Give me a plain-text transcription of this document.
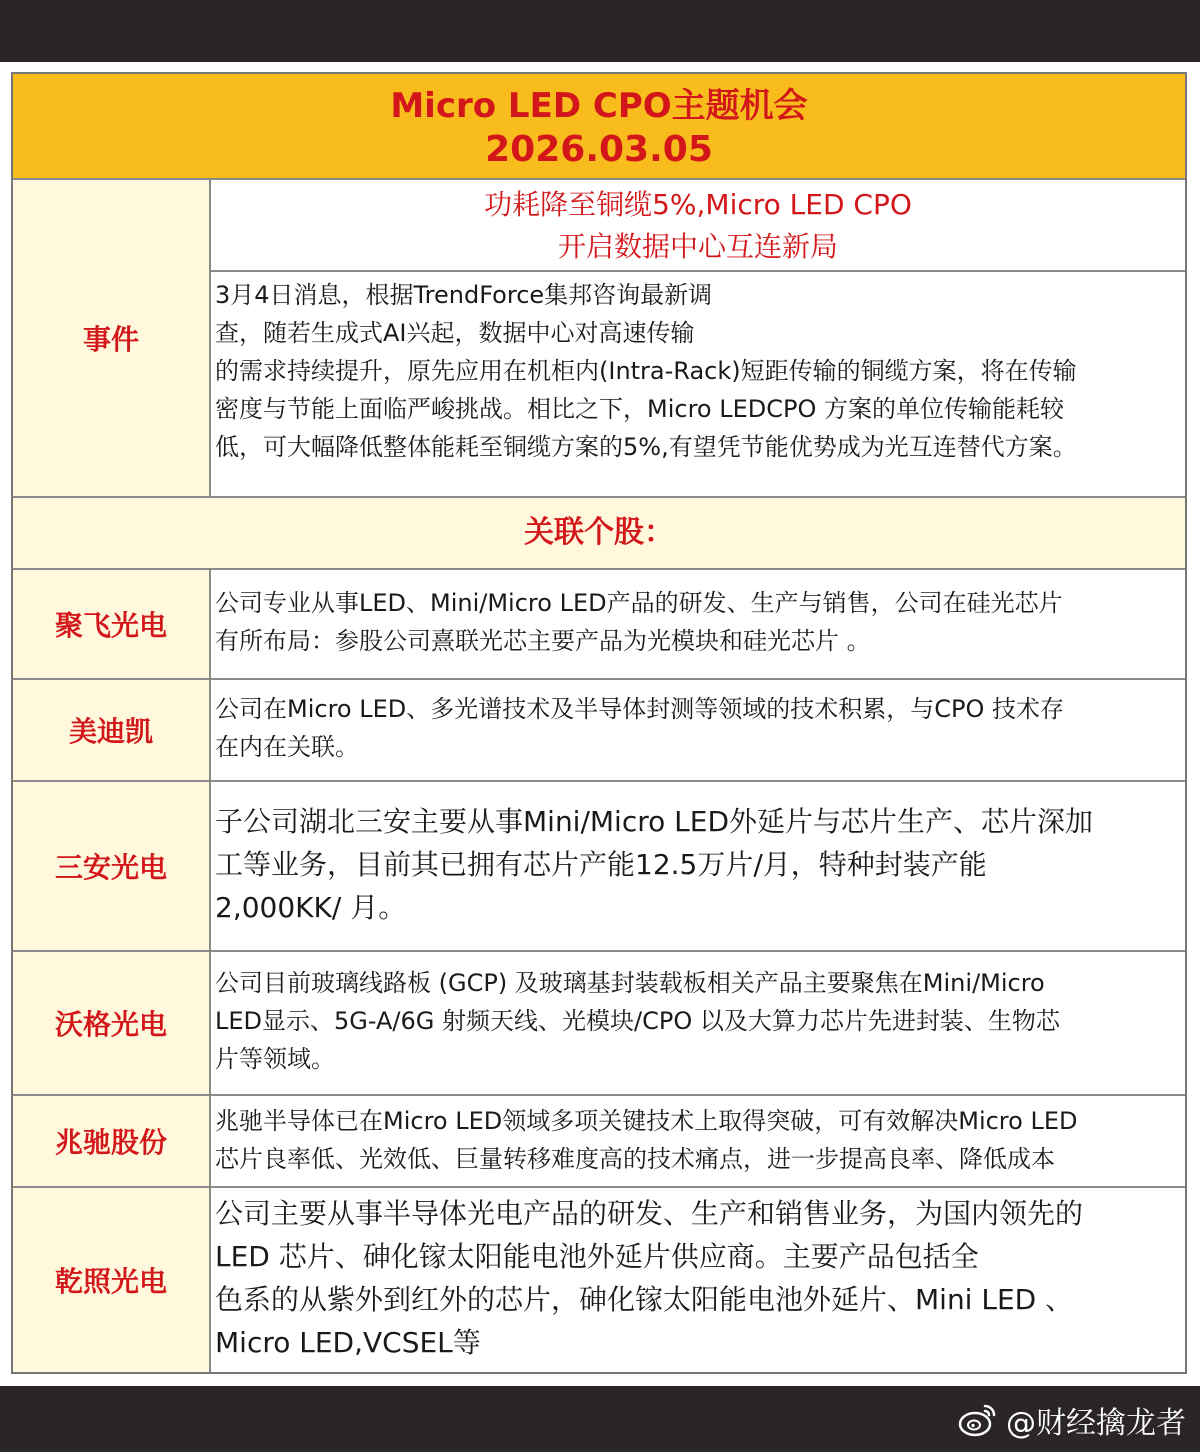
Micro LED CPO主题机会
2026.03.05
事件
功耗降至铜缆5%,Micro LED CPO
开启数据中心互连新局

3月4日消息，根据TrendForce集邦咨询最新调

查，随若生成式AI兴起，数据中心对高速传输

的需求持续提升，原先应用在机柜内(Intra-Rack)短距传输的铜缆方案，将在传输

密度与节能上面临严峻挑战。相比之下，Micro LEDCPO 方案的单位传输能耗较

低，可大幅降低整体能耗至铜缆方案的5%,有望凭节能优势成为光互连替代方案。

关联个股：
聚飞光电

公司专业从事LED、Mini/Micro LED产品的研发、生产与销售，公司在硅光芯片

有所布局：参股公司熹联光芯主要产品为光模块和硅光芯片 。

美迪凯

公司在Micro LED、多光谱技术及半导体封测等领域的技术积累，与CPO 技术存

在内在关联。

三安光电

子公司湖北三安主要从事Mini/Micro LED外延片与芯片生产、芯片深加

工等业务，目前其已拥有芯片产能12.5万片/月，特种封装产能

2,000KK/ 月。

沃格光电

公司目前玻璃线路板 (GCP) 及玻璃基封装载板相关产品主要聚焦在Mini/Micro

LED显示、5G-A/6G 射频天线、光模块/CPO 以及大算力芯片先进封装、生物芯

片等领域。

兆驰股份

兆驰半导体已在Micro LED领域多项关键技术上取得突破，可有效解决Micro LED

芯片良率低、光效低、巨量转移难度高的技术痛点，进一步提高良率、降低成本

乾照光电

公司主要从事半导体光电产品的研发、生产和销售业务，为国内领先的

LED 芯片、砷化镓太阳能电池外延片供应商。主要产品包括全

色系的从紫外到红外的芯片，砷化镓太阳能电池外延片、Mini LED 、

Micro LED,VCSEL等

@财经擒龙者
